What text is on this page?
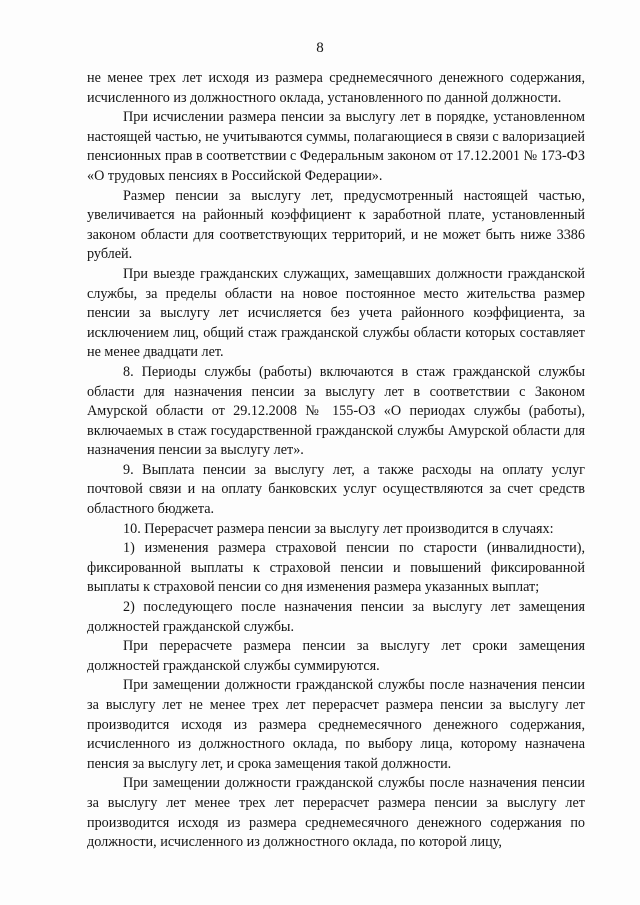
8

не менее трех лет исходя из размера среднемесячного денежного содержания, исчисленного из должностного оклада, установленного по данной должности.

При исчислении размера пенсии за выслугу лет в порядке, установленном настоящей частью, не учитываются суммы, полагающиеся в связи с валоризацией пенсионных прав в соответствии с Федеральным законом от 17.12.2001 № 173-ФЗ «О трудовых пенсиях в Российской Федерации».

Размер пенсии за выслугу лет, предусмотренный настоящей частью, увеличивается на районный коэффициент к заработной плате, установленный законом области для соответствующих территорий, и не может быть ниже 3386 рублей.

При выезде гражданских служащих, замещавших должности гражданской службы, за пределы области на новое постоянное место жительства размер пенсии за выслугу лет исчисляется без учета районного коэффициента, за исключением лиц, общий стаж гражданской службы области которых составляет не менее двадцати лет.

8. Периоды службы (работы) включаются в стаж гражданской службы области для назначения пенсии за выслугу лет в соответствии с Законом Амурской области от 29.12.2008 № 155-ОЗ «О периодах службы (работы), включаемых в стаж государственной гражданской службы Амурской области для назначения пенсии за выслугу лет».

9. Выплата пенсии за выслугу лет, а также расходы на оплату услуг почтовой связи и на оплату банковских услуг осуществляются за счет средств областного бюджета.

10. Перерасчет размера пенсии за выслугу лет производится в случаях:

1) изменения размера страховой пенсии по старости (инвалидности), фиксированной выплаты к страховой пенсии и повышений фиксированной выплаты к страховой пенсии со дня изменения размера указанных выплат;

2) последующего после назначения пенсии за выслугу лет замещения должностей гражданской службы.

При перерасчете размера пенсии за выслугу лет сроки замещения должностей гражданской службы суммируются.

При замещении должности гражданской службы после назначения пенсии за выслугу лет не менее трех лет перерасчет размера пенсии за выслугу лет производится исходя из размера среднемесячного денежного содержания, исчисленного из должностного оклада, по выбору лица, которому назначена пенсия за выслугу лет, и срока замещения такой должности.

При замещении должности гражданской службы после назначения пенсии за выслугу лет менее трех лет перерасчет размера пенсии за выслугу лет производится исходя из размера среднемесячного денежного содержания по должности, исчисленного из должностного оклада, по которой лицу,
